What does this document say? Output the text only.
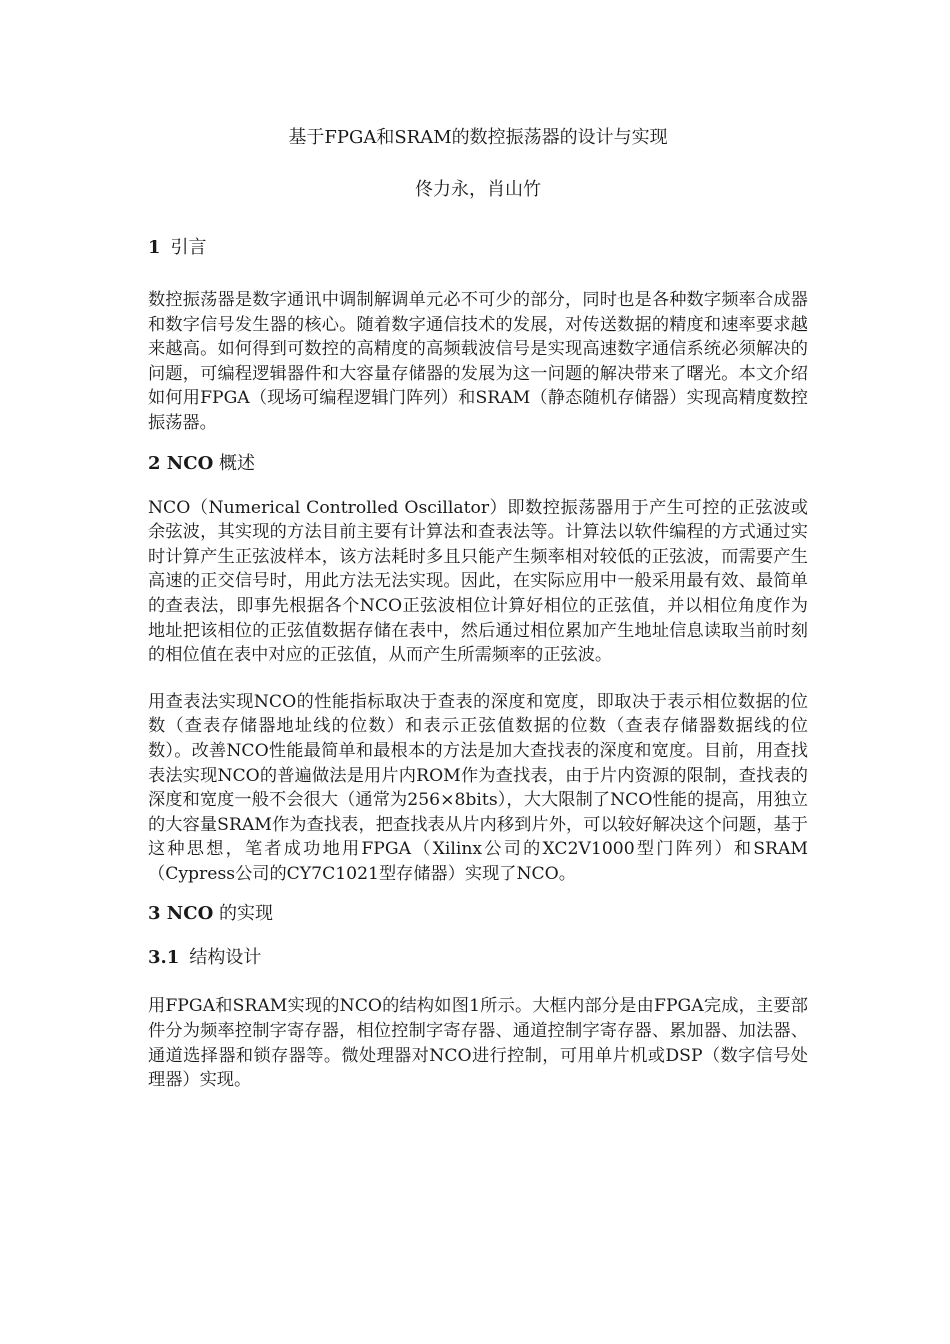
基于FPGA和SRAM的数控振荡器的设计与实现

佟力永，肖山竹

1 引言

数控振荡器是数字通讯中调制解调单元必不可少的部分，同时也是各种数字频率合成器和数字信号发生器的核心。随着数字通信技术的发展，对传送数据的精度和速率要求越来越高。如何得到可数控的高精度的高频载波信号是实现高速数字通信系统必须解决的问题，可编程逻辑器件和大容量存储器的发展为这一问题的解决带来了曙光。本文介绍如何用FPGA（现场可编程逻辑门阵列）和SRAM（静态随机存储器）实现高精度数控振荡器。

2 NCO 概述

NCO（Numerical Controlled Oscillator）即数控振荡器用于产生可控的正弦波或余弦波，其实现的方法目前主要有计算法和查表法等。计算法以软件编程的方式通过实时计算产生正弦波样本，该方法耗时多且只能产生频率相对较低的正弦波，而需要产生高速的正交信号时，用此方法无法实现。因此，在实际应用中一般采用最有效、最简单的查表法，即事先根据各个NCO正弦波相位计算好相位的正弦值，并以相位角度作为地址把该相位的正弦值数据存储在表中，然后通过相位累加产生地址信息读取当前时刻的相位值在表中对应的正弦值，从而产生所需频率的正弦波。

用查表法实现NCO的性能指标取决于查表的深度和宽度，即取决于表示相位数据的位数（查表存储器地址线的位数）和表示正弦值数据的位数（查表存储器数据线的位数）。改善NCO性能最简单和最根本的方法是加大查找表的深度和宽度。目前，用查找表法实现NCO的普遍做法是用片内ROM作为查找表，由于片内资源的限制，查找表的深度和宽度一般不会很大（通常为256×8bits），大大限制了NCO性能的提高，用独立的大容量SRAM作为查找表，把查找表从片内移到片外，可以较好解决这个问题，基于这种思想，笔者成功地用FPGA（Xilinx公司的XC2V1000型门阵列）和SRAM（Cypress公司的CY7C1021型存储器）实现了NCO。

3 NCO 的实现

3.1 结构设计

用FPGA和SRAM实现的NCO的结构如图1所示。大框内部分是由FPGA完成，主要部件分为频率控制字寄存器，相位控制字寄存器、通道控制字寄存器、累加器、加法器、通道选择器和锁存器等。微处理器对NCO进行控制，可用单片机或DSP（数字信号处理器）实现。
